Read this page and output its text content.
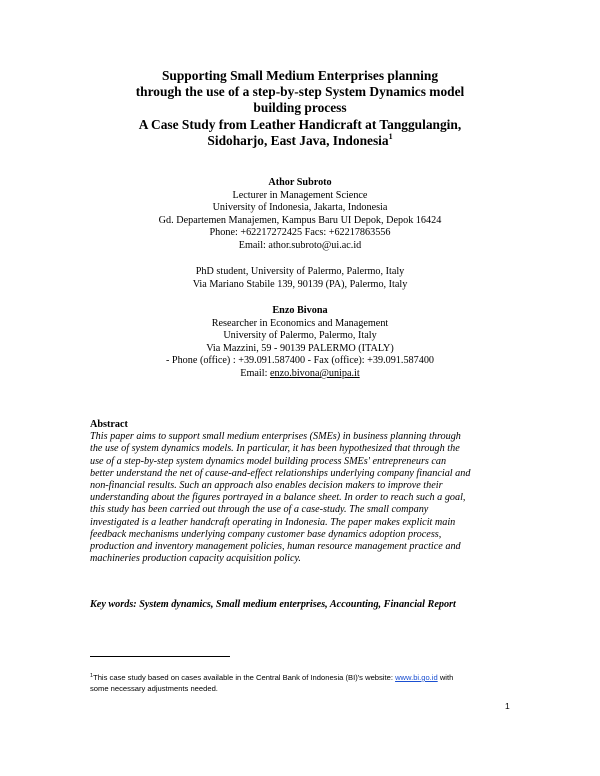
Supporting Small Medium Enterprises planning
through the use of a step-by-step System Dynamics model
building process
A Case Study from Leather Handicraft at Tanggulangin,
Sidoharjo, East Java, Indonesia$^1$
Athor Subroto
Lecturer in Management Science
University of Indonesia, Jakarta, Indonesia
Gd. Departemen Manajemen, Kampus Baru UI Depok, Depok 16424
Phone: +62217272425 Facs: +62217863556
Email: athor.subroto@ui.ac.id
PhD student, University of Palermo, Palermo, Italy
Via Mariano Stabile 139, 90139 (PA), Palermo, Italy
Enzo Bivona
Researcher in Economics and Management
University of Palermo, Palermo, Italy
Via Mazzini, 59 - 90139 PALERMO (ITALY)
- Phone (office) : +39.091.587400 - Fax (office): +39.091.587400
Email: enzo.bivona@unipa.it
Abstract
This paper aims to support small medium enterprises (SMEs) in business planning through
the use of system dynamics models. In particular, it has been hypothesized that through the
use of a step-by-step system dynamics model building process SMEs' entrepreneurs can
better understand the net of cause-and-effect relationships underlying company financial and
non-financial results. Such an approach also enables decision makers to improve their
understanding about the figures portrayed in a balance sheet. In order to reach such a goal,
this study has been carried out through the use of a case-study. The small company
investigated is a leather handcraft operating in Indonesia. The paper makes explicit main
feedback mechanisms underlying company customer base dynamics adoption process,
production and inventory management policies, human resource management practice and
machineries production capacity acquisition policy.
Key words: System dynamics, Small medium enterprises, Accounting, Financial Report
$^1$This case study based on cases available in the Central Bank of Indonesia (BI)'s website: www.bi.go.id with
some necessary adjustments needed.
1
